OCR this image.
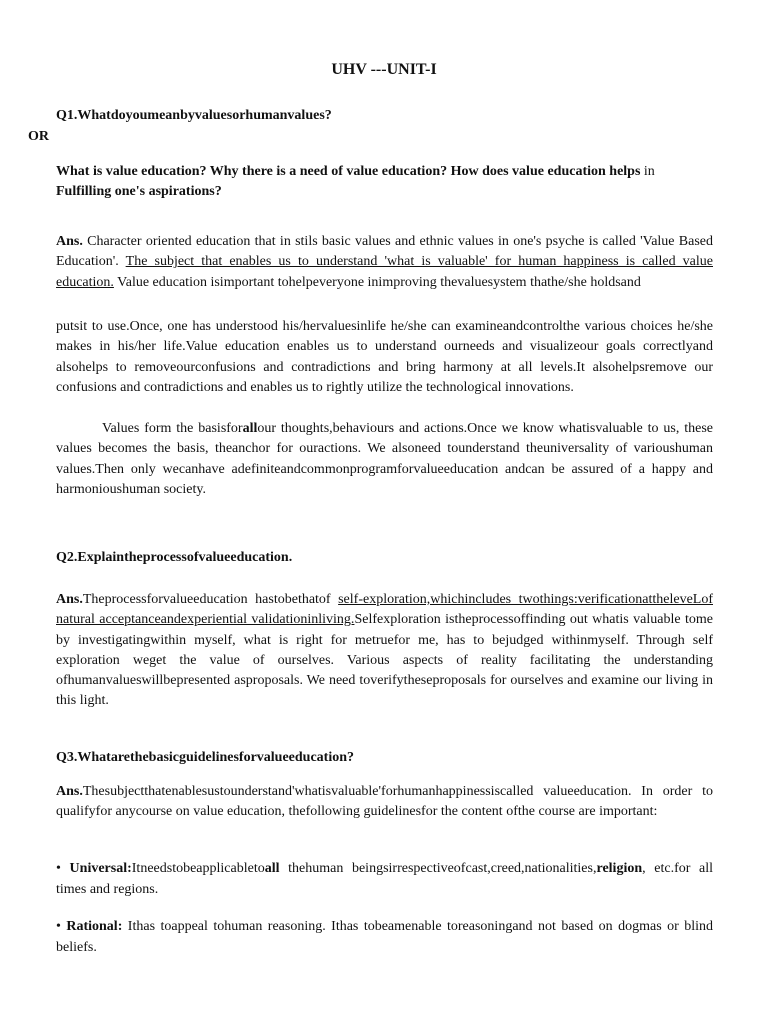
UHV ---UNIT-I
Q1.Whatdoyoumeanbyvaluesorhumanvalues?
OR
What is value education? Why there is a need of value education? How does value education helps in
Fulfilling one's aspirations?
Ans. Character oriented education that in stils basic values and ethnic values in one's psyche is called 'Value Based Education'. The subject that enables us to understand 'what is valuable' for human happiness is called value education. Value education isimportant tohelpeveryone inimproving thevaluesystem thathe/she holdsand
putsit to use.Once, one has understood his/hervaluesinlife he/she can examineandcontrolthe various choices he/she makes in his/her life.Value education enables us to understand ourneeds and visualizeour goals correctlyand alsohelps to removeourconfusions and contradictions and bring harmony at all levels.It alsohelpsremove our confusions and contradictions and enables us to rightly utilize the technological innovations.
Values form the basisforallour thoughts,behaviours and actions.Once we know whatisvaluable to us, these values becomes the basis, theanchor for ouractions. We alsoneed tounderstand theuniversality of varioushuman values.Then only wecanhave adefiniteandcommonprogramforvalueeducation andcan be assured of a happy and harmonioushuman society.
Q2.Explaintheprocessofvalueeducation.
Ans.Theprocessforvalueeducation hastobethatof self-exploration,whichincludes twothings:verificationattheleveLof natural acceptanceandexperiential validationinliving.Selfexploration istheprocessoffinding out whatis valuable tome by investigatingwithin myself, what is right for metruefor me, has to bejudged withinmyself. Through self exploration weget the value of ourselves. Various aspects of reality facilitating the understanding ofhumanvalueswillbepresented asproposals. We need toverifytheseproposals for ourselves and examine our living in this light.
Q3.Whatarethebasicguidelinesforvalueeducation?
Ans.Thesubjectthatenablesustounderstand'whatisvaluable'forhumanhappinessiscalled valueeducation. In order to qualifyfor anycourse on value education, thefollowing guidelinesfor the content ofthe course are important:
• Universal:Itneedstobeapplicabletoall thehuman beingsirrespectiveofcast,creed,nationalities,religion, etc.for all times and regions.
• Rational: Ithas toappeal tohuman reasoning. Ithas tobeamenable toreasoningand not based on dogmas or blind beliefs.
